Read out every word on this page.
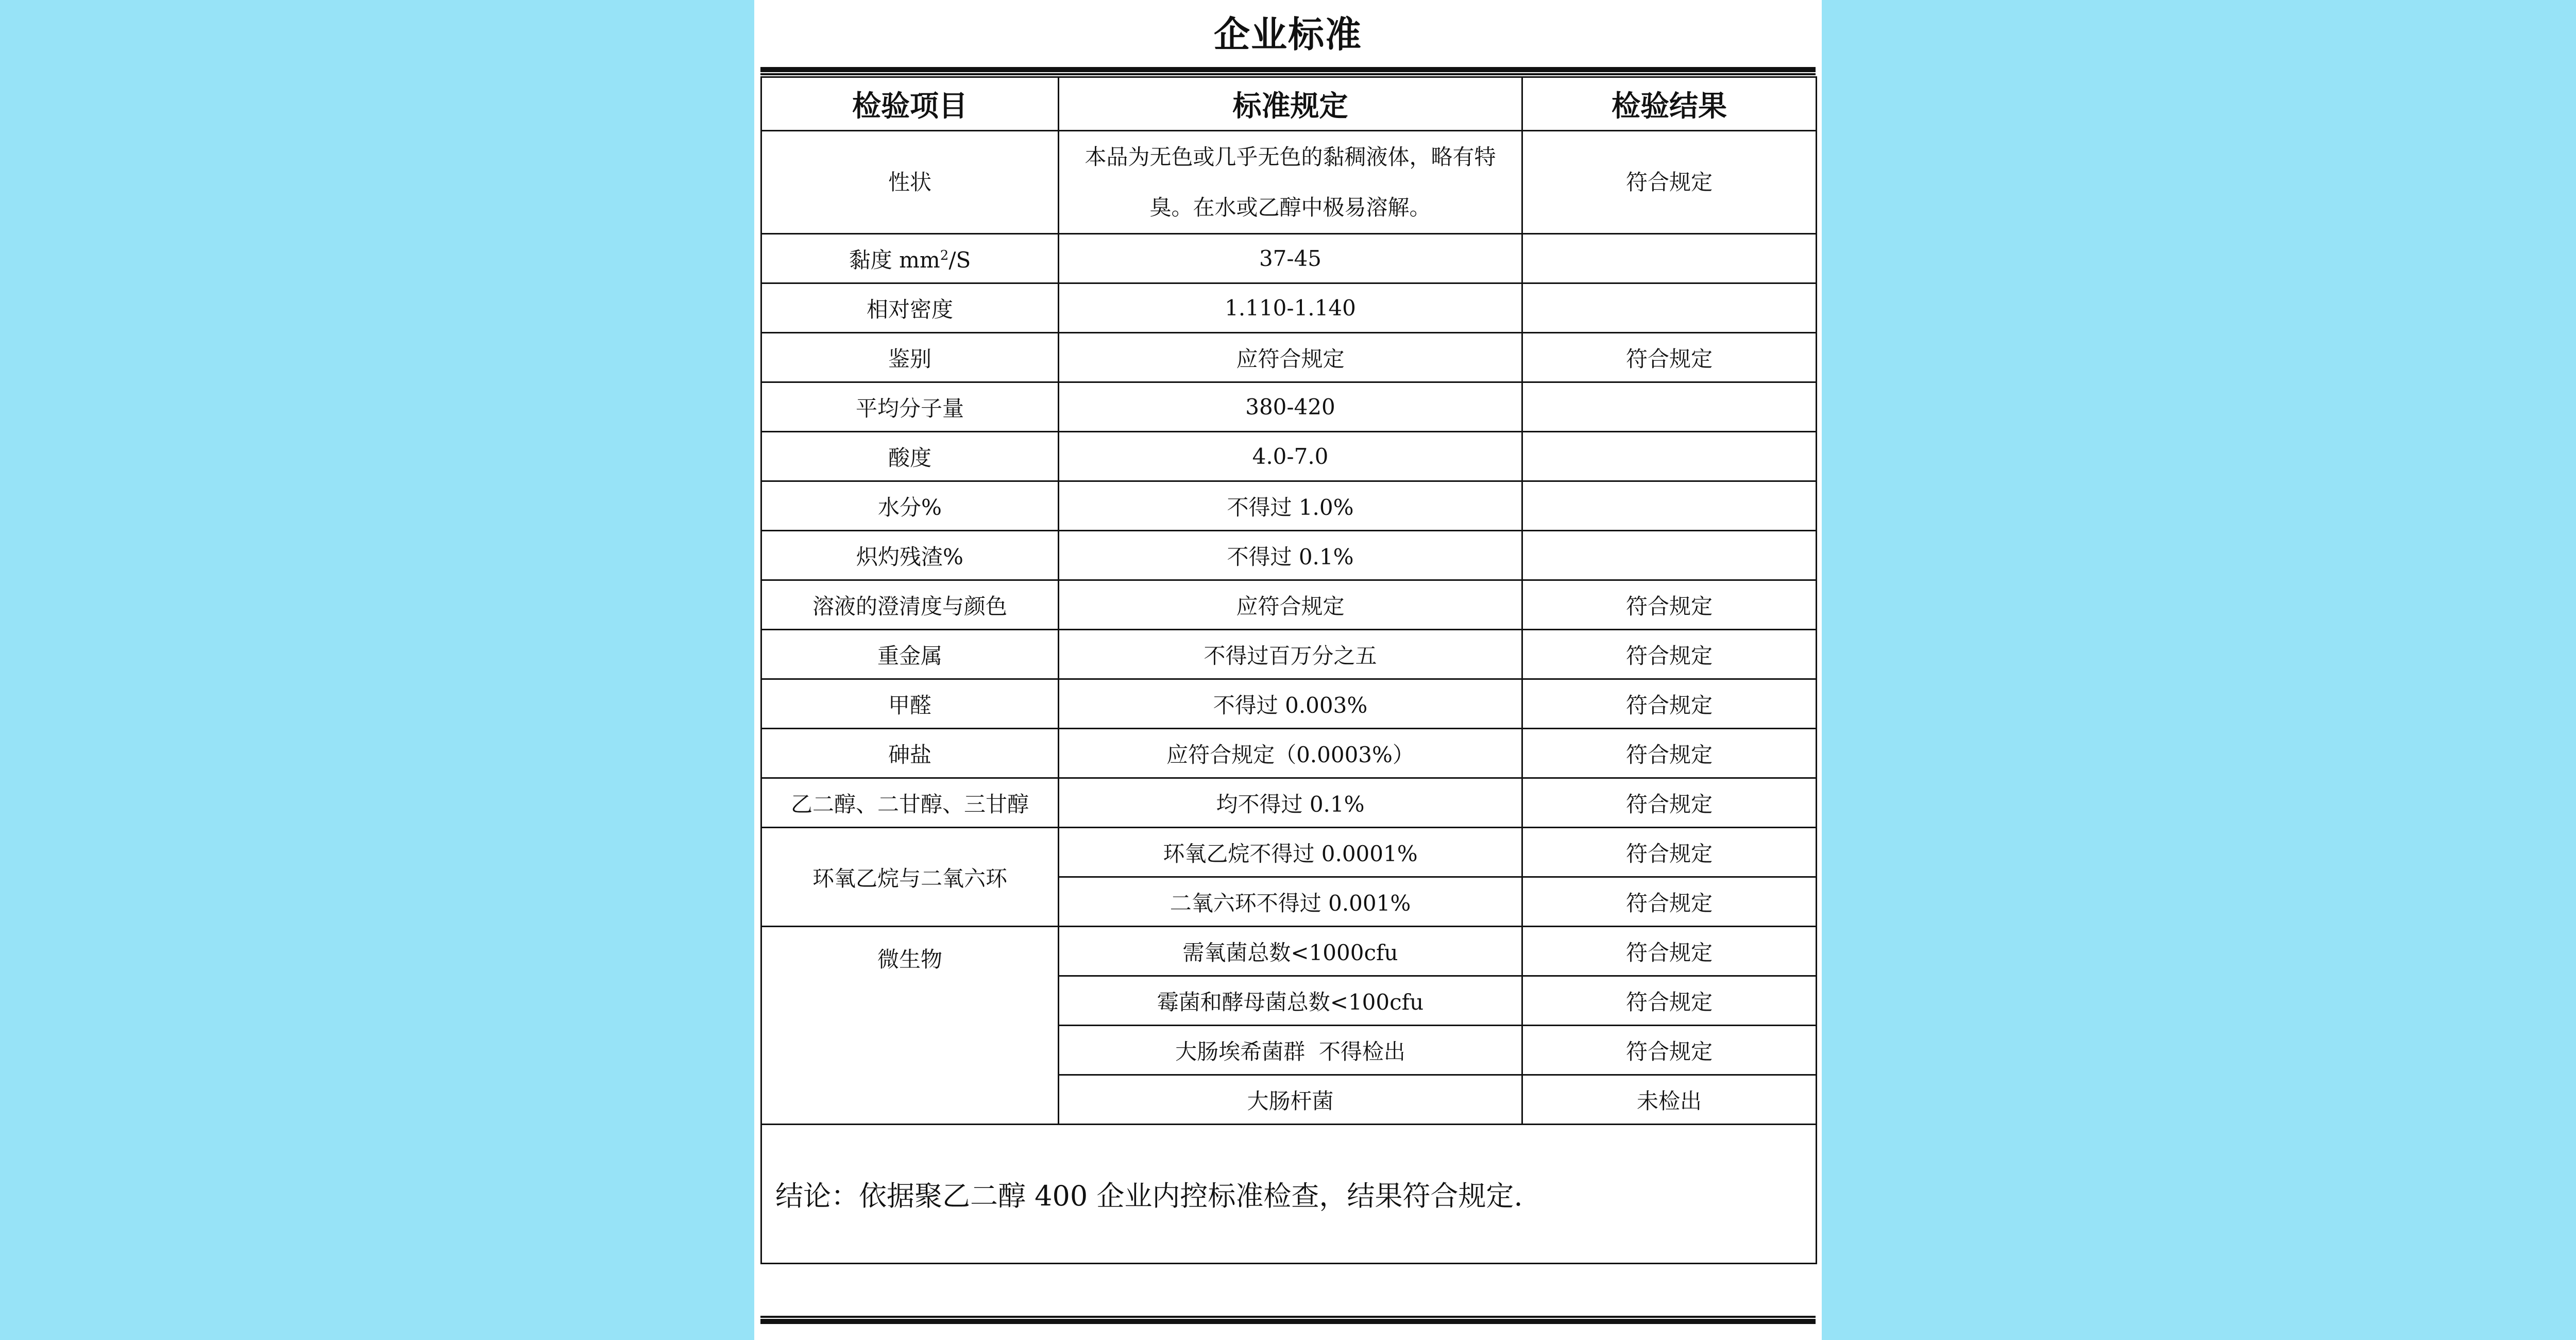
企业标准
检验项目	标准规定	检验结果
性状	本品为无色或几乎无色的黏稠液体，略有特臭。在水或乙醇中极易溶解。	符合规定
黏度 $mm^2/S$	37-45	
相对密度	1.110-1.140	
鉴别	应符合规定	符合规定
平均分子量	380-420	
酸度	4.0-7.0	
水分%	不得过 1.0%	
炽灼残渣%	不得过 0.1%	
溶液的澄清度与颜色	应符合规定	符合规定
重金属	不得过百万分之五	符合规定
甲醛	不得过 0.003%	符合规定
砷盐	应符合规定（0.0003%）	符合规定
乙二醇、二甘醇、三甘醇	均不得过 0.1%	符合规定
环氧乙烷与二氧六环	环氧乙烷不得过 0.0001%	符合规定
	二氧六环不得过 0.001%	符合规定
微生物	需氧菌总数<1000cfu	符合规定
	霉菌和酵母菌总数<100cfu	符合规定
	大肠埃希菌群  不得检出	符合规定
	大肠杆菌	未检出
结论：依据聚乙二醇 400 企业内控标准检查，结果符合规定.		
